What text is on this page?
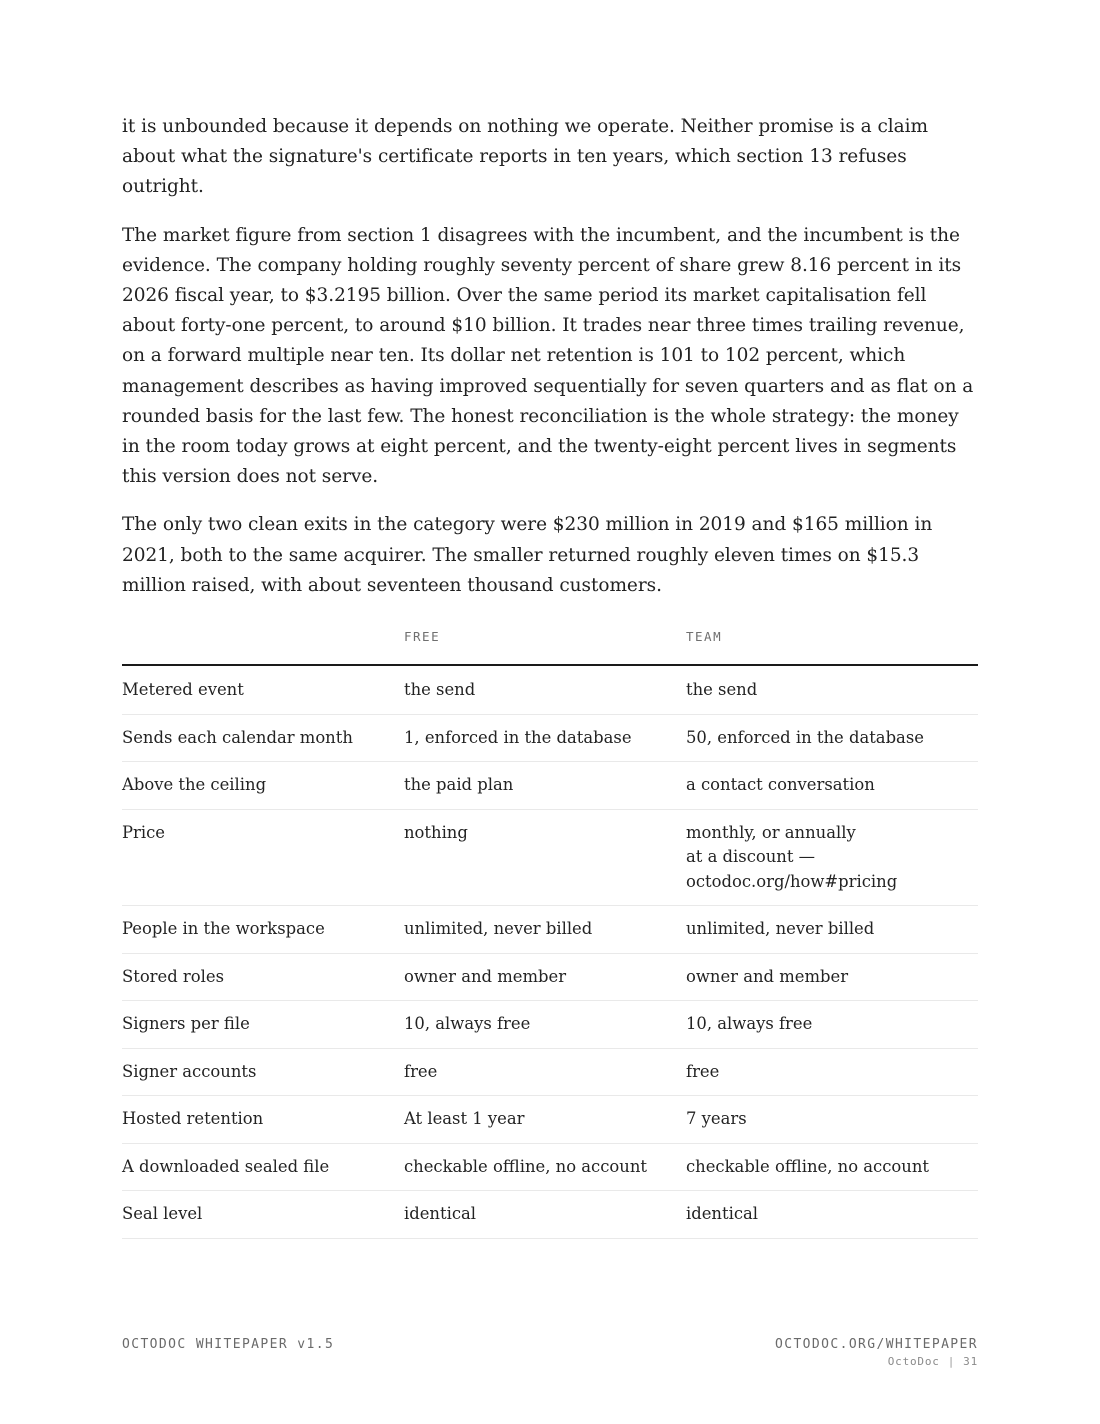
it is unbounded because it depends on nothing we operate. Neither promise is a claim about what the signature's certificate reports in ten years, which section 13 refuses outright.

The market figure from section 1 disagrees with the incumbent, and the incumbent is the evidence. The company holding roughly seventy percent of share grew 8.16 percent in its 2026 fiscal year, to $3.2195 billion. Over the same period its market capitalisation fell about forty-one percent, to around $10 billion. It trades near three times trailing revenue, on a forward multiple near ten. Its dollar net retention is 101 to 102 percent, which management describes as having improved sequentially for seven quarters and as flat on a rounded basis for the last few. The honest reconciliation is the whole strategy: the money in the room today grows at eight percent, and the twenty-eight percent lives in segments this version does not serve.

The only two clean exits in the category were $230 million in 2019 and $165 million in 2021, both to the same acquirer. The smaller returned roughly eleven times on $15.3 million raised, with about seventeen thousand customers.

	FREE	TEAM
Metered event	the send	the send
Sends each calendar month	1, enforced in the database	50, enforced in the database
Above the ceiling	the paid plan	a contact conversation
Price	nothing	monthly, or annually
at a discount —
octodoc.org/how#pricing

People in the workspace	unlimited, never billed	unlimited, never billed
Stored roles	owner and member	owner and member
Signers per file	10, always free	10, always free
Signer accounts	free	free
Hosted retention	At least 1 year	7 years
A downloaded sealed file	checkable offline, no account	checkable offline, no account
Seal level	identical	identical
OCTODOC WHITEPAPER v1.5	OCTODOC.ORG/WHITEPAPER
OctoDoc | 31
